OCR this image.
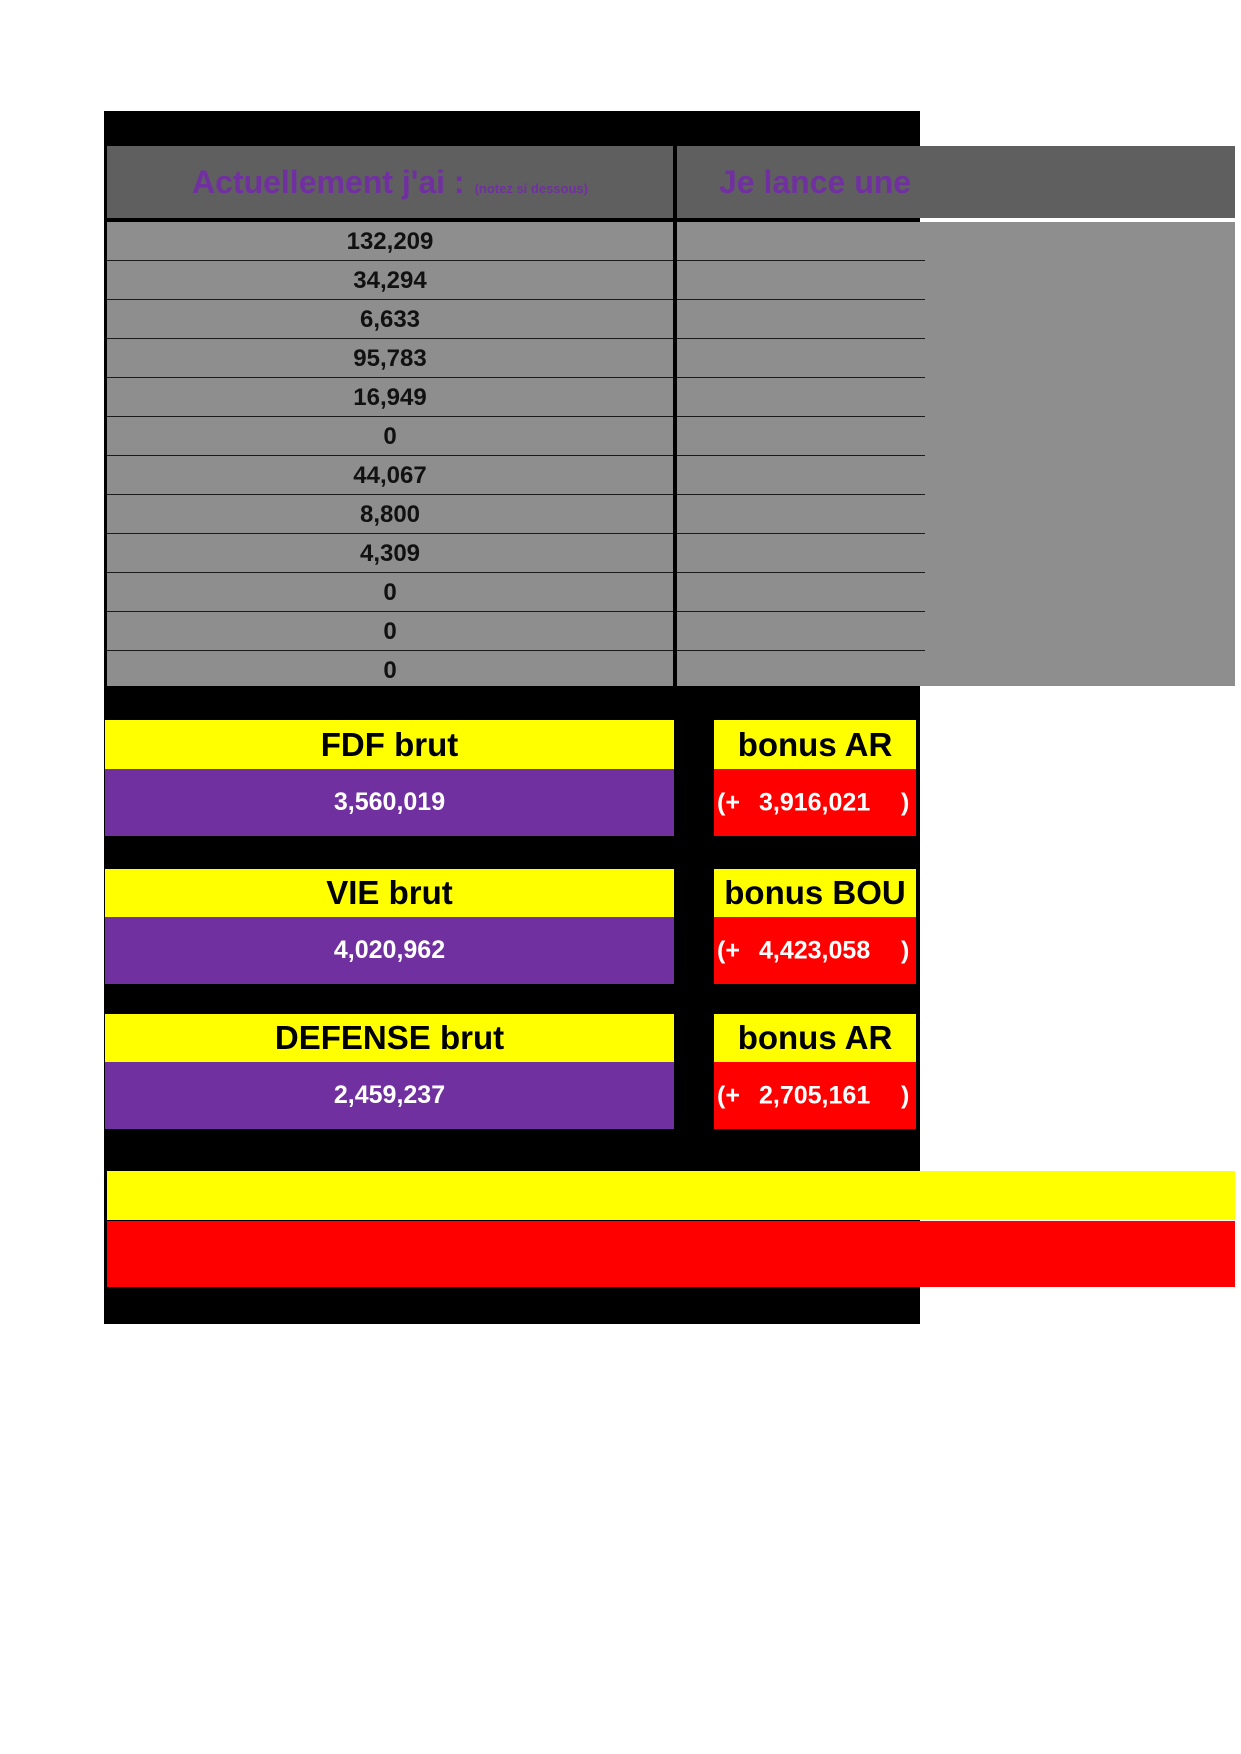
Actuellement j'ai : (notez si dessous)	Je lance une
132,209
34,294
6,633
95,783
16,949
0
44,067
8,800
4,309
0
0
0
FDF brut
3,560,019
bonus AR
(+ 3,916,021 )
VIE brut
4,020,962
bonus BOU
(+ 4,423,058 )
DEFENSE brut
2,459,237
bonus AR
(+ 2,705,161 )
